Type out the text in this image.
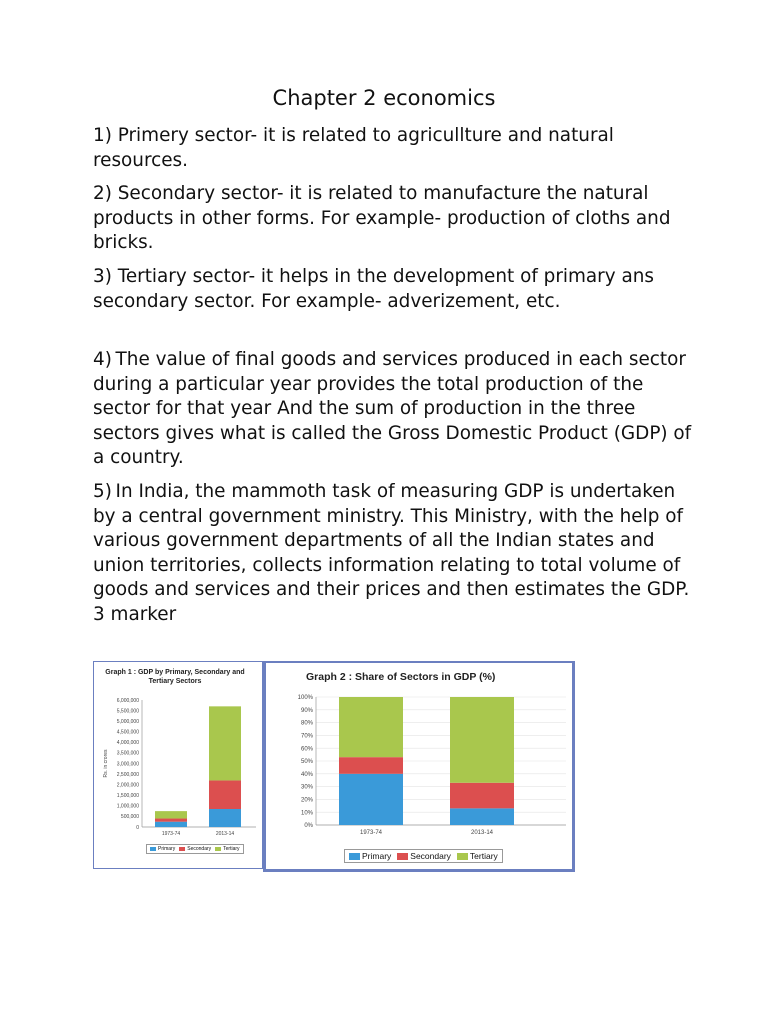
Chapter 2 economics

1) Primery sector- it is related to agricullture and natural resources.

2) Secondary sector- it is related to manufacture the natural products in other forms. For example- production of cloths and bricks.

3) Tertiary sector- it helps in the development of primary ans secondary sector. For example- adverizement, etc.

4) The value of final goods and services produced in each sector during a particular year provides the total production of the sector for that year And the sum of production in the three sectors gives what is called the Gross Domestic Product (GDP) of a country.

5) In India, the mammoth task of measuring GDP is undertaken by a central government ministry. This Ministry, with the help of various government departments of all the Indian states and union territories, collects information relating to total volume of goods and services and their prices and then estimates the GDP. 3 marker

Graph 1 : GDP by Primary, Secondary and Tertiary Sectors
6,000,000
5,500,000
5,000,000
4,500,000
4,000,000
3,500,000
3,000,000
2,500,000
2,000,000
1,500,000
1,000,000
500,000
0
1973-74	2013-14
Rs. in crores
Primary Secondary Tertiary
Graph 2 : Share of Sectors in GDP (%)
100%
90%
80%
70%
60%
50%
40%
30%
20%
10%
0%
1973-74	2013-14
Primary Secondary Tertiary
